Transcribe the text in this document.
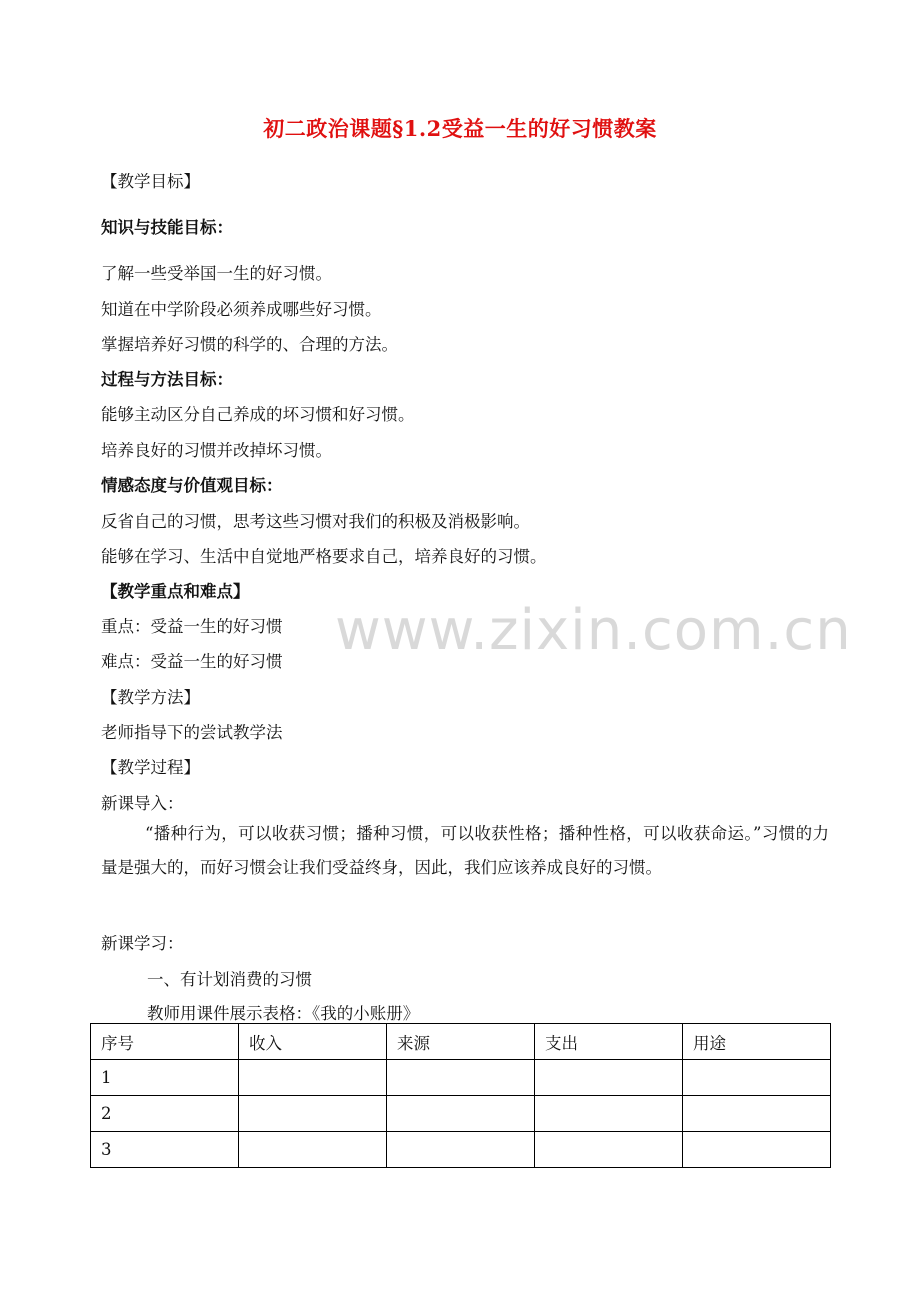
初二政治课题§1.2受益一生的好习惯教案
【教学目标】
知识与技能目标：
了解一些受举国一生的好习惯。
知道在中学阶段必须养成哪些好习惯。
掌握培养好习惯的科学的、合理的方法。
过程与方法目标：
能够主动区分自己养成的坏习惯和好习惯。
培养良好的习惯并改掉坏习惯。
情感态度与价值观目标：
反省自己的习惯，思考这些习惯对我们的积极及消极影响。
能够在学习、生活中自觉地严格要求自己，培养良好的习惯。
【教学重点和难点】
重点：受益一生的好习惯
难点：受益一生的好习惯
【教学方法】
老师指导下的尝试教学法
【教学过程】
新课导入：
“播种行为，可以收获习惯；播种习惯，可以收获性格；播种性格，可以收获命运。”习惯的力量是强大的，而好习惯会让我们受益终身，因此，我们应该养成良好的习惯。
新课学习：
一、有计划消费的习惯
教师用课件展示表格：《我的小账册》
序号	收入	来源	支出	用途
1				
2				
3				
www.zixin.com.cn
